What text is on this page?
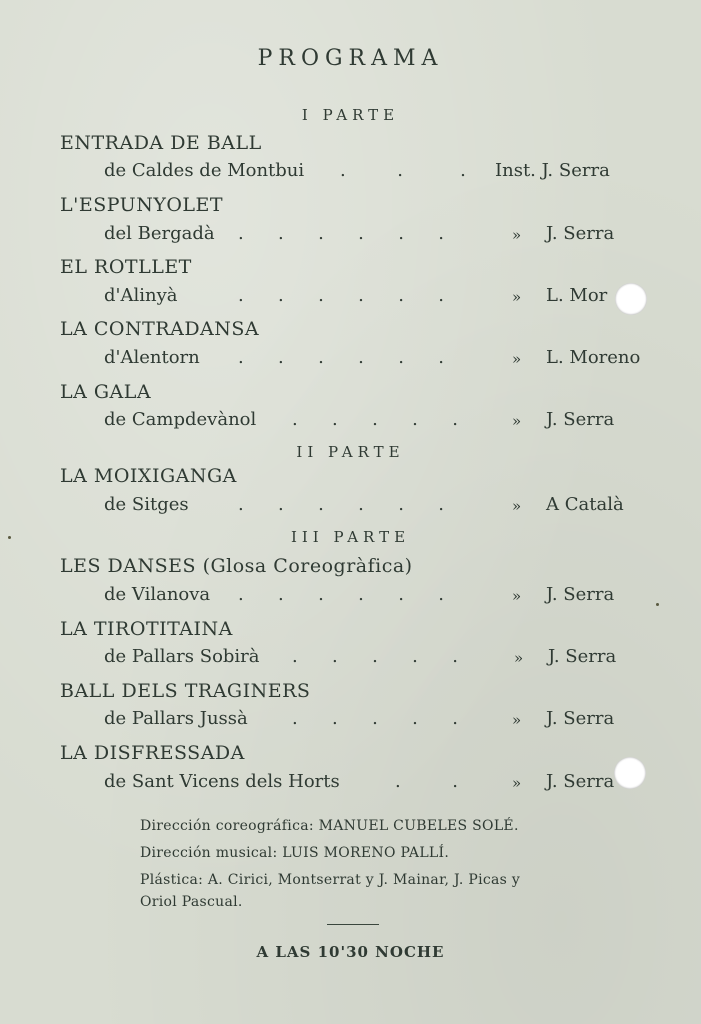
PROGRAMA
I PARTE
ENTRADA DE BALL
de Caldes de Montbui .         .          . Inst. J. Serra
L'ESPUNYOLET
del Bergadà .      .      .      .      .      .	» J. Serra
EL ROTLLET
d'Alinyà	.      .      .      .      .      .	» L. Mor
LA CONTRADANSA
d'Alentorn .      .      .      .      .      .	» L. Moreno
LA GALA
de Campdevànol .      .      .      .      .	» J. Serra
II PARTE
LA MOIXIGANGA
de Sitges	.      .      .      .      .      .	» A Català
III PARTE
LES DANSES (Glosa Coreogràfica)
de Vilanova .      .      .      .      .      .	» J. Serra
LA TIROTITAINA
de Pallars Sobirà .      .      .      .      .	» J. Serra
BALL DELS TRAGINERS
de Pallars Jussà .      .      .      .      .	» J. Serra
LA DISFRESSADA
de Sant Vicens dels Horts	.         .	» J. Serra
Dirección coreográfica: MANUEL CUBELES SOLÉ.
Dirección musical: LUIS MORENO PALLÍ.
Plástica: A. Cirici, Montserrat y J. Mainar, J. Picas y
Oriol Pascual.
A LAS 10'30 NOCHE
